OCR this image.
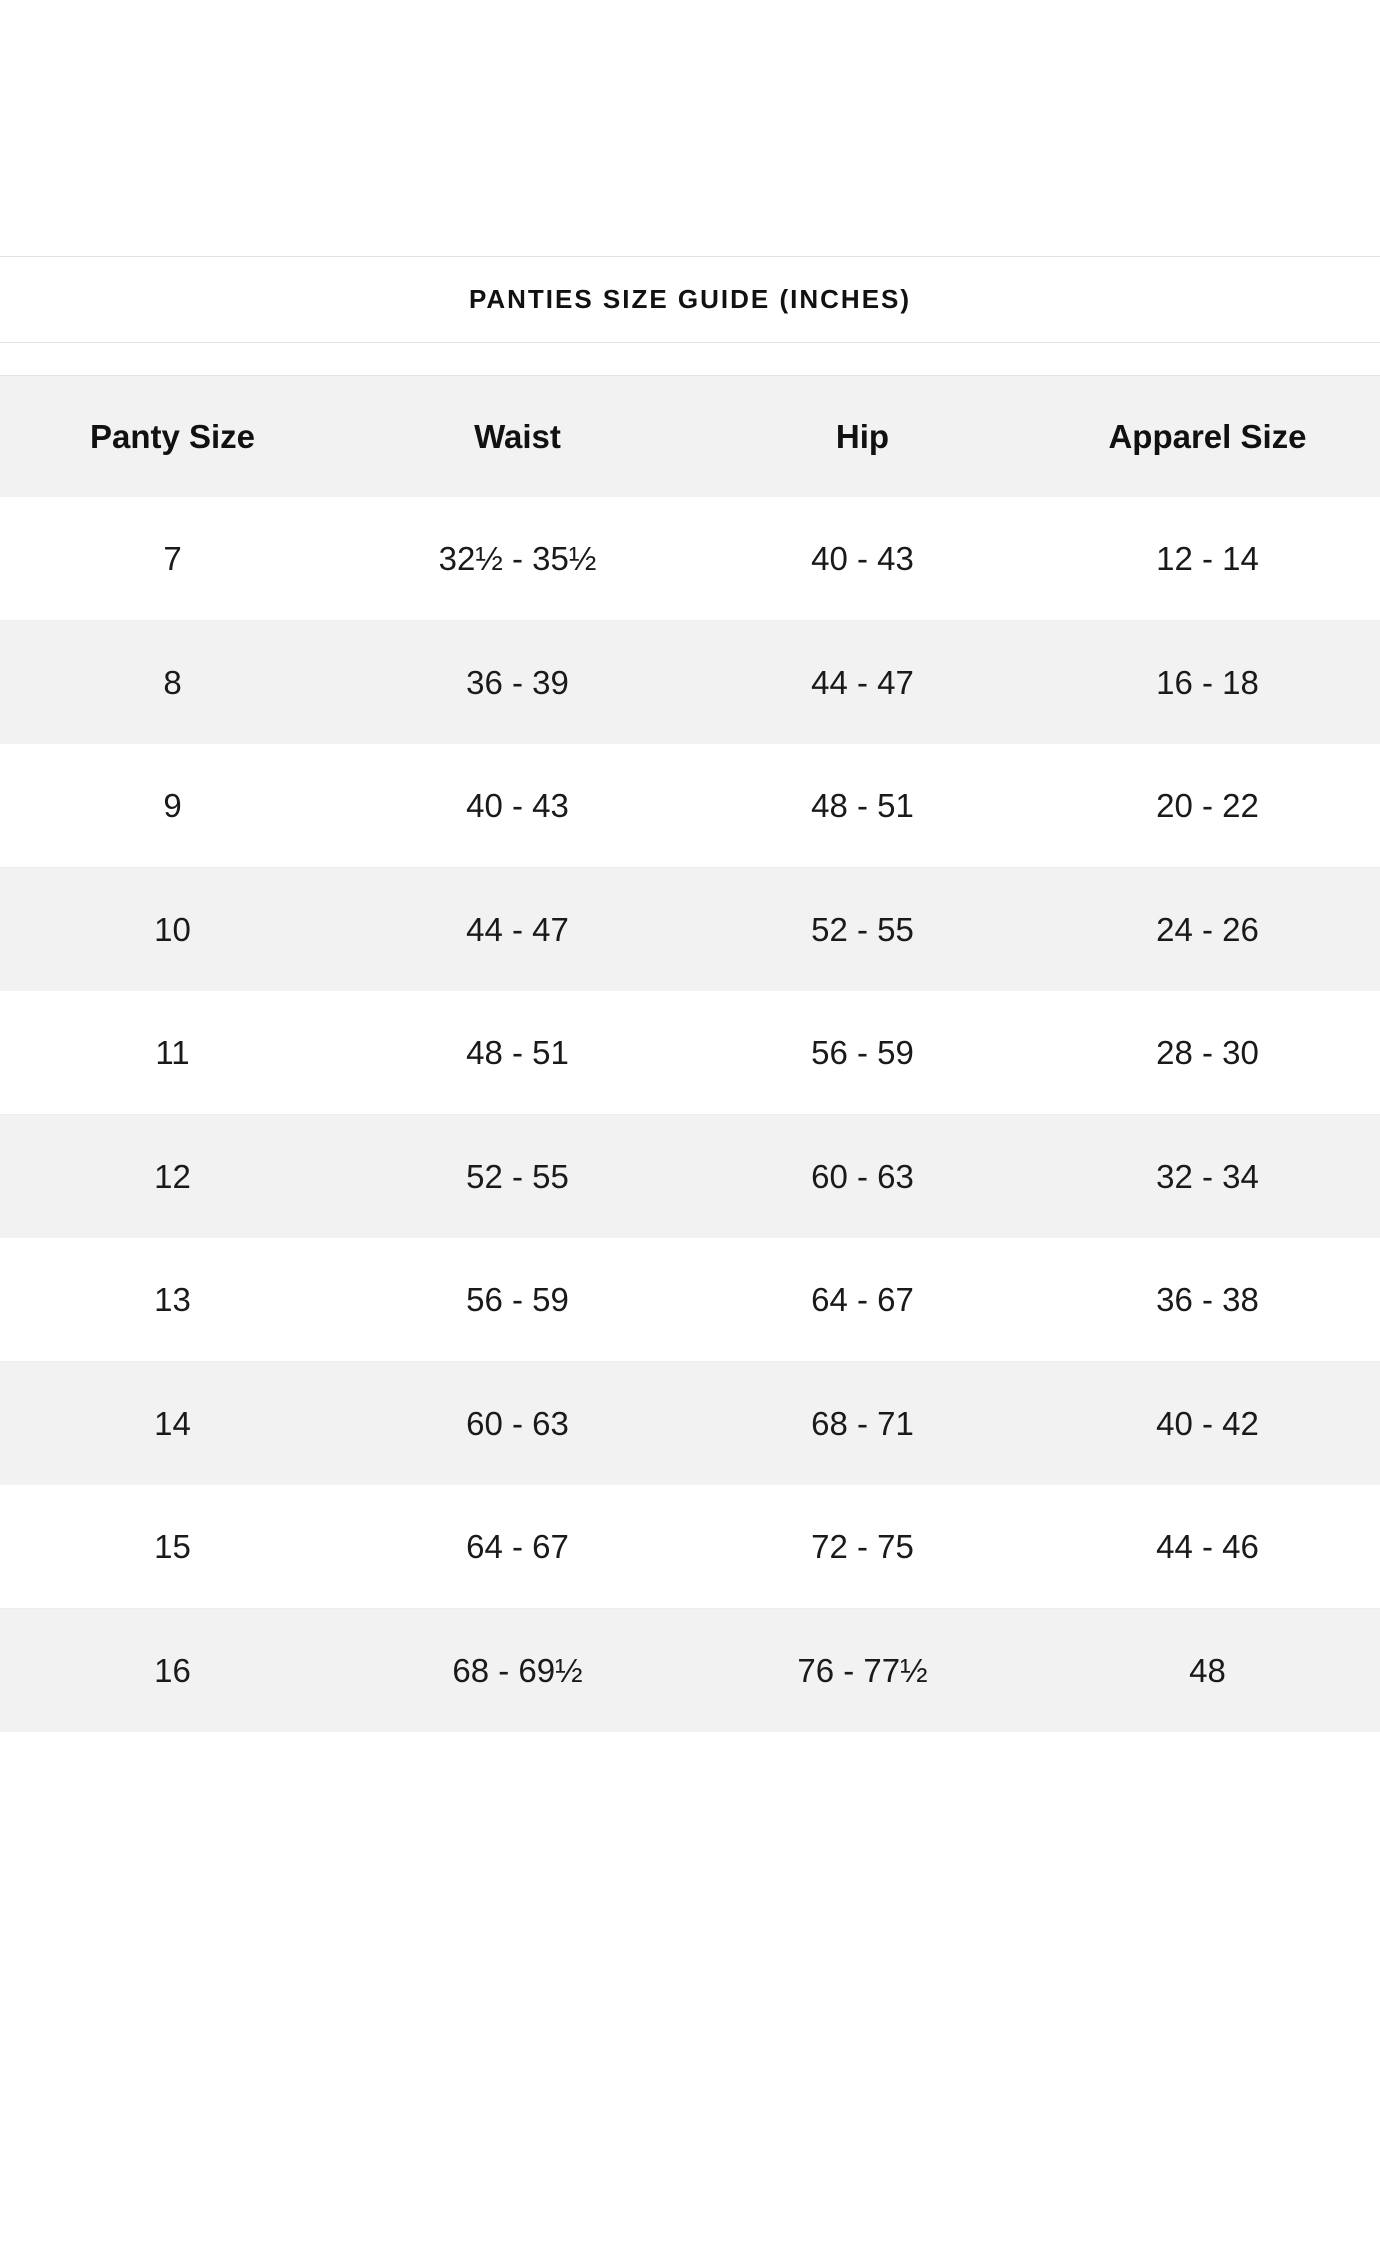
PANTIES SIZE GUIDE (INCHES)
Panty Size	Waist	Hip	Apparel Size
7	32½ - 35½	40 - 43	12 - 14
8	36 - 39	44 - 47	16 - 18
9	40 - 43	48 - 51	20 - 22
10	44 - 47	52 - 55	24 - 26
11	48 - 51	56 - 59	28 - 30
12	52 - 55	60 - 63	32 - 34
13	56 - 59	64 - 67	36 - 38
14	60 - 63	68 - 71	40 - 42
15	64 - 67	72 - 75	44 - 46
16	68 - 69½	76 - 77½	48
